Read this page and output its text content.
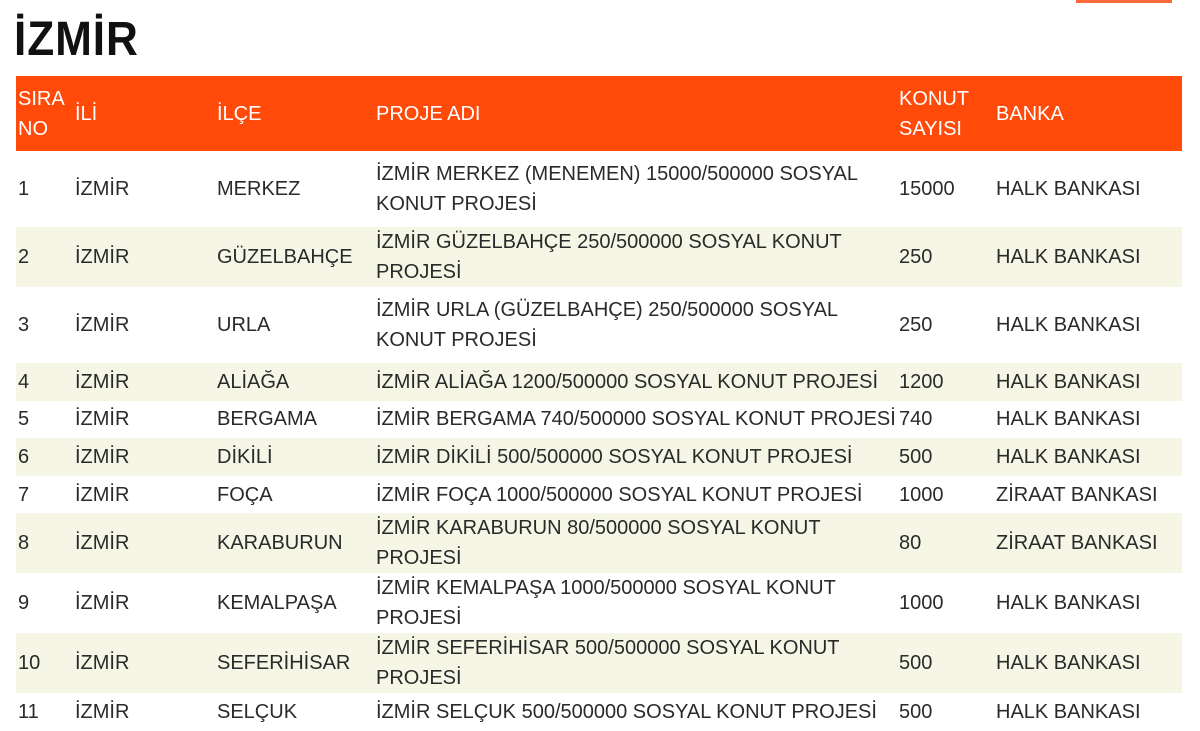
İZMİR
SIRA NO	İLİ	İLÇE	PROJE ADI	KONUT SAYISI	BANKA
1	İZMİR	MERKEZ	İZMİR MERKEZ (MENEMEN) 15000/500000 SOSYAL KONUT PROJESİ	15000	HALK BANKASI
2	İZMİR	GÜZELBAHÇE	İZMİR GÜZELBAHÇE 250/500000 SOSYAL KONUT PROJESİ	250	HALK BANKASI
3	İZMİR	URLA	İZMİR URLA (GÜZELBAHÇE) 250/500000 SOSYAL KONUT PROJESİ	250	HALK BANKASI
4	İZMİR	ALİAĞA	İZMİR ALİAĞA 1200/500000 SOSYAL KONUT PROJESİ	1200	HALK BANKASI
5	İZMİR	BERGAMA	İZMİR BERGAMA 740/500000 SOSYAL KONUT PROJESİ	740	HALK BANKASI
6	İZMİR	DİKİLİ	İZMİR DİKİLİ 500/500000 SOSYAL KONUT PROJESİ	500	HALK BANKASI
7	İZMİR	FOÇA	İZMİR FOÇA 1000/500000 SOSYAL KONUT PROJESİ	1000	ZİRAAT BANKASI
8	İZMİR	KARABURUN	İZMİR KARABURUN 80/500000 SOSYAL KONUT PROJESİ	80	ZİRAAT BANKASI
9	İZMİR	KEMALPAŞA	İZMİR KEMALPAŞA 1000/500000 SOSYAL KONUT PROJESİ	1000	HALK BANKASI
10	İZMİR	SEFERİHİSAR	İZMİR SEFERİHİSAR 500/500000 SOSYAL KONUT PROJESİ	500	HALK BANKASI
11	İZMİR	SELÇUK	İZMİR SELÇUK 500/500000 SOSYAL KONUT PROJESİ	500	HALK BANKASI
